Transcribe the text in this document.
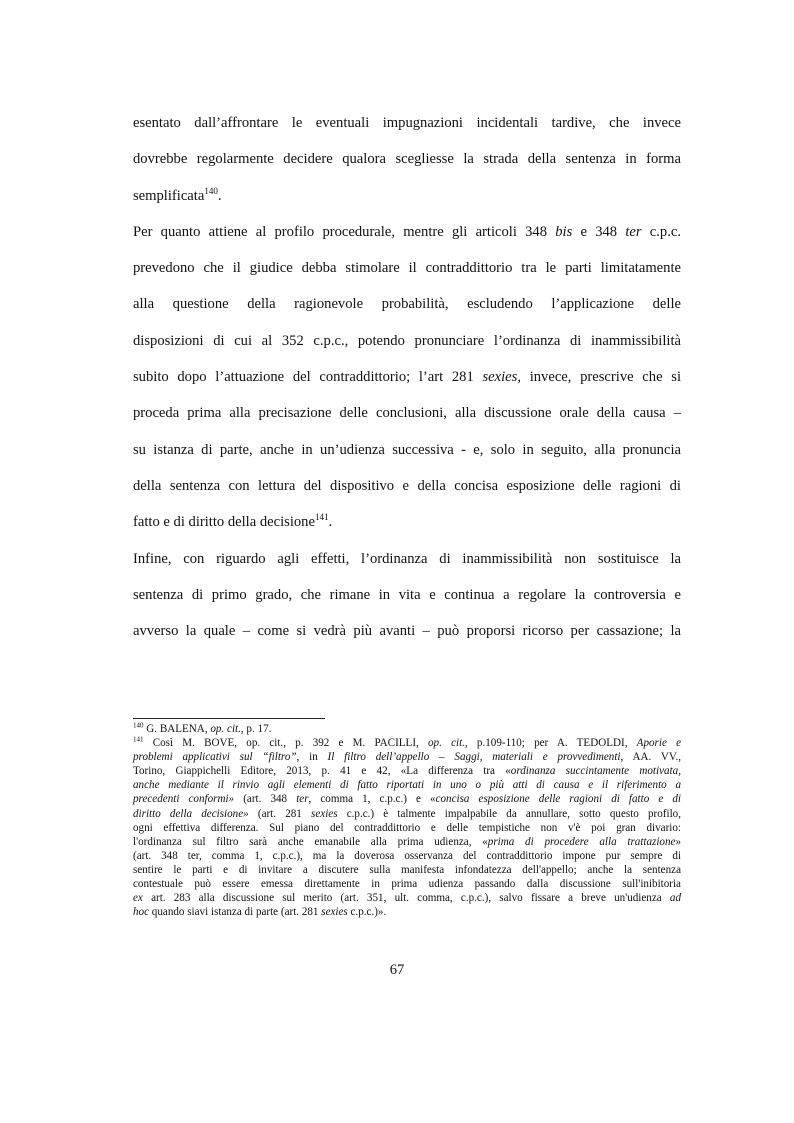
esentato dall’affrontare le eventuali impugnazioni incidentali tardive, che invece
dovrebbe regolarmente decidere qualora scegliesse la strada della sentenza in forma
semplificata$^{140}$.
Per quanto attiene al profilo procedurale, mentre gli articoli 348 bis e 348 ter c.p.c.
prevedono che il giudice debba stimolare il contraddittorio tra le parti limitatamente
alla questione della ragionevole probabilità, escludendo l’applicazione delle
disposizioni di cui al 352 c.p.c., potendo pronunciare l’ordinanza di inammissibilità
subito dopo l’attuazione del contraddittorio; l’art 281 sexies, invece, prescrive che si
proceda prima alla precisazione delle conclusioni, alla discussione orale della causa –
su istanza di parte, anche in un’udienza successiva - e, solo in seguito, alla pronuncia
della sentenza con lettura del dispositivo e della concisa esposizione delle ragioni di
fatto e di diritto della decisione$^{141}$.
Infine, con riguardo agli effetti, l’ordinanza di inammissibilità non sostituisce la
sentenza di primo grado, che rimane in vita e continua a regolare la controversia e
avverso la quale – come si vedrà più avanti – può proporsi ricorso per cassazione; la
$^{140}$ G. BALENA, op. cit., p. 17.
$^{141}$ Così M. BOVE, op. cit., p. 392 e M. PACILLI, op. cit., p.109-110; per A. TEDOLDI, Aporie e
problemi applicativi sul “filtro”, in Il filtro dell’appello – Saggi, materiali e provvedimenti, AA. VV.,
Torino, Giappichelli Editore, 2013, p. 41 e 42, «La differenza tra «ordinanza succintamente motivata,
anche mediante il rinvio agli elementi di fatto riportati in uno o più atti di causa e il riferimento a
precedenti conformi» (art. 348 ter, comma 1, c.p.c.) e «concisa esposizione delle ragioni di fatto e di
diritto della decisione» (art. 281 sexies c.p.c.) è talmente impalpabile da annullare, sotto questo profilo,
ogni effettiva differenza. Sul piano del contraddittorio e delle tempistiche non v'è poi gran divario:
l'ordinanza sul filtro sarà anche emanabile alla prima udienza, «prima di procedere alla trattazione»
(art. 348 ter, comma 1, c.p.c.), ma la doverosa osservanza del contraddittorio impone pur sempre di
sentire le parti e di invitare a discutere sulla manifesta infondatezza dell'appello; anche la sentenza
contestuale può essere emessa direttamente in prima udienza passando dalla discussione sull'inibitoria
ex art. 283 alla discussione sul merito (art. 351, ult. comma, c.p.c.), salvo fissare a breve un'udienza ad
hoc quando siavi istanza di parte (art. 281 sexies c.p.c.)».
67
